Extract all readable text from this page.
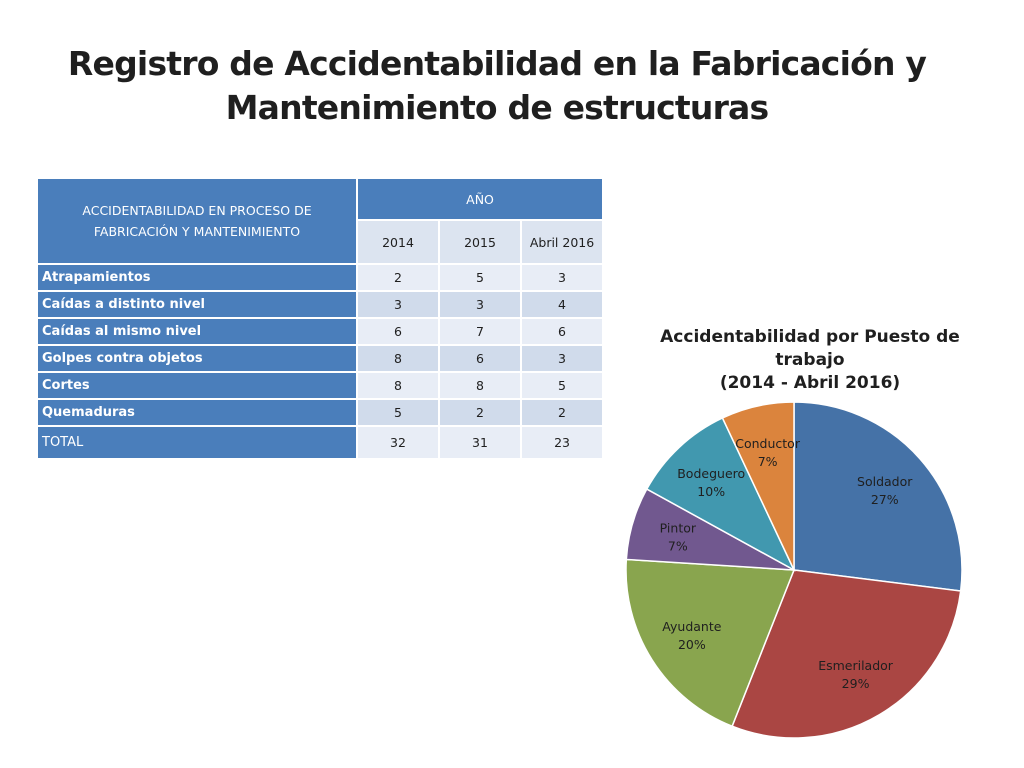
Registro de Accidentabilidad en la Fabricación y
Mantenimiento de estructuras
ACCIDENTABILIDAD EN PROCESO DE
FABRICACIÓN Y MANTENIMIENTO	AÑO		
	2014	2015	Abril 2016
Atrapamientos	2	5	3
Caídas a distinto nivel	3	3	4
Caídas al mismo nivel	6	7	6
Golpes contra objetos	8	6	3
Cortes	8	8	5
Quemaduras	5	2	2
TOTAL	32	31	23
Accidentabilidad por Puesto de
trabajo
(2014 - Abril 2016)
Soldador
27%
Esmerilador
29%
Ayudante
20%
Pintor
7%
Bodeguero
10%
Conductor
7%
